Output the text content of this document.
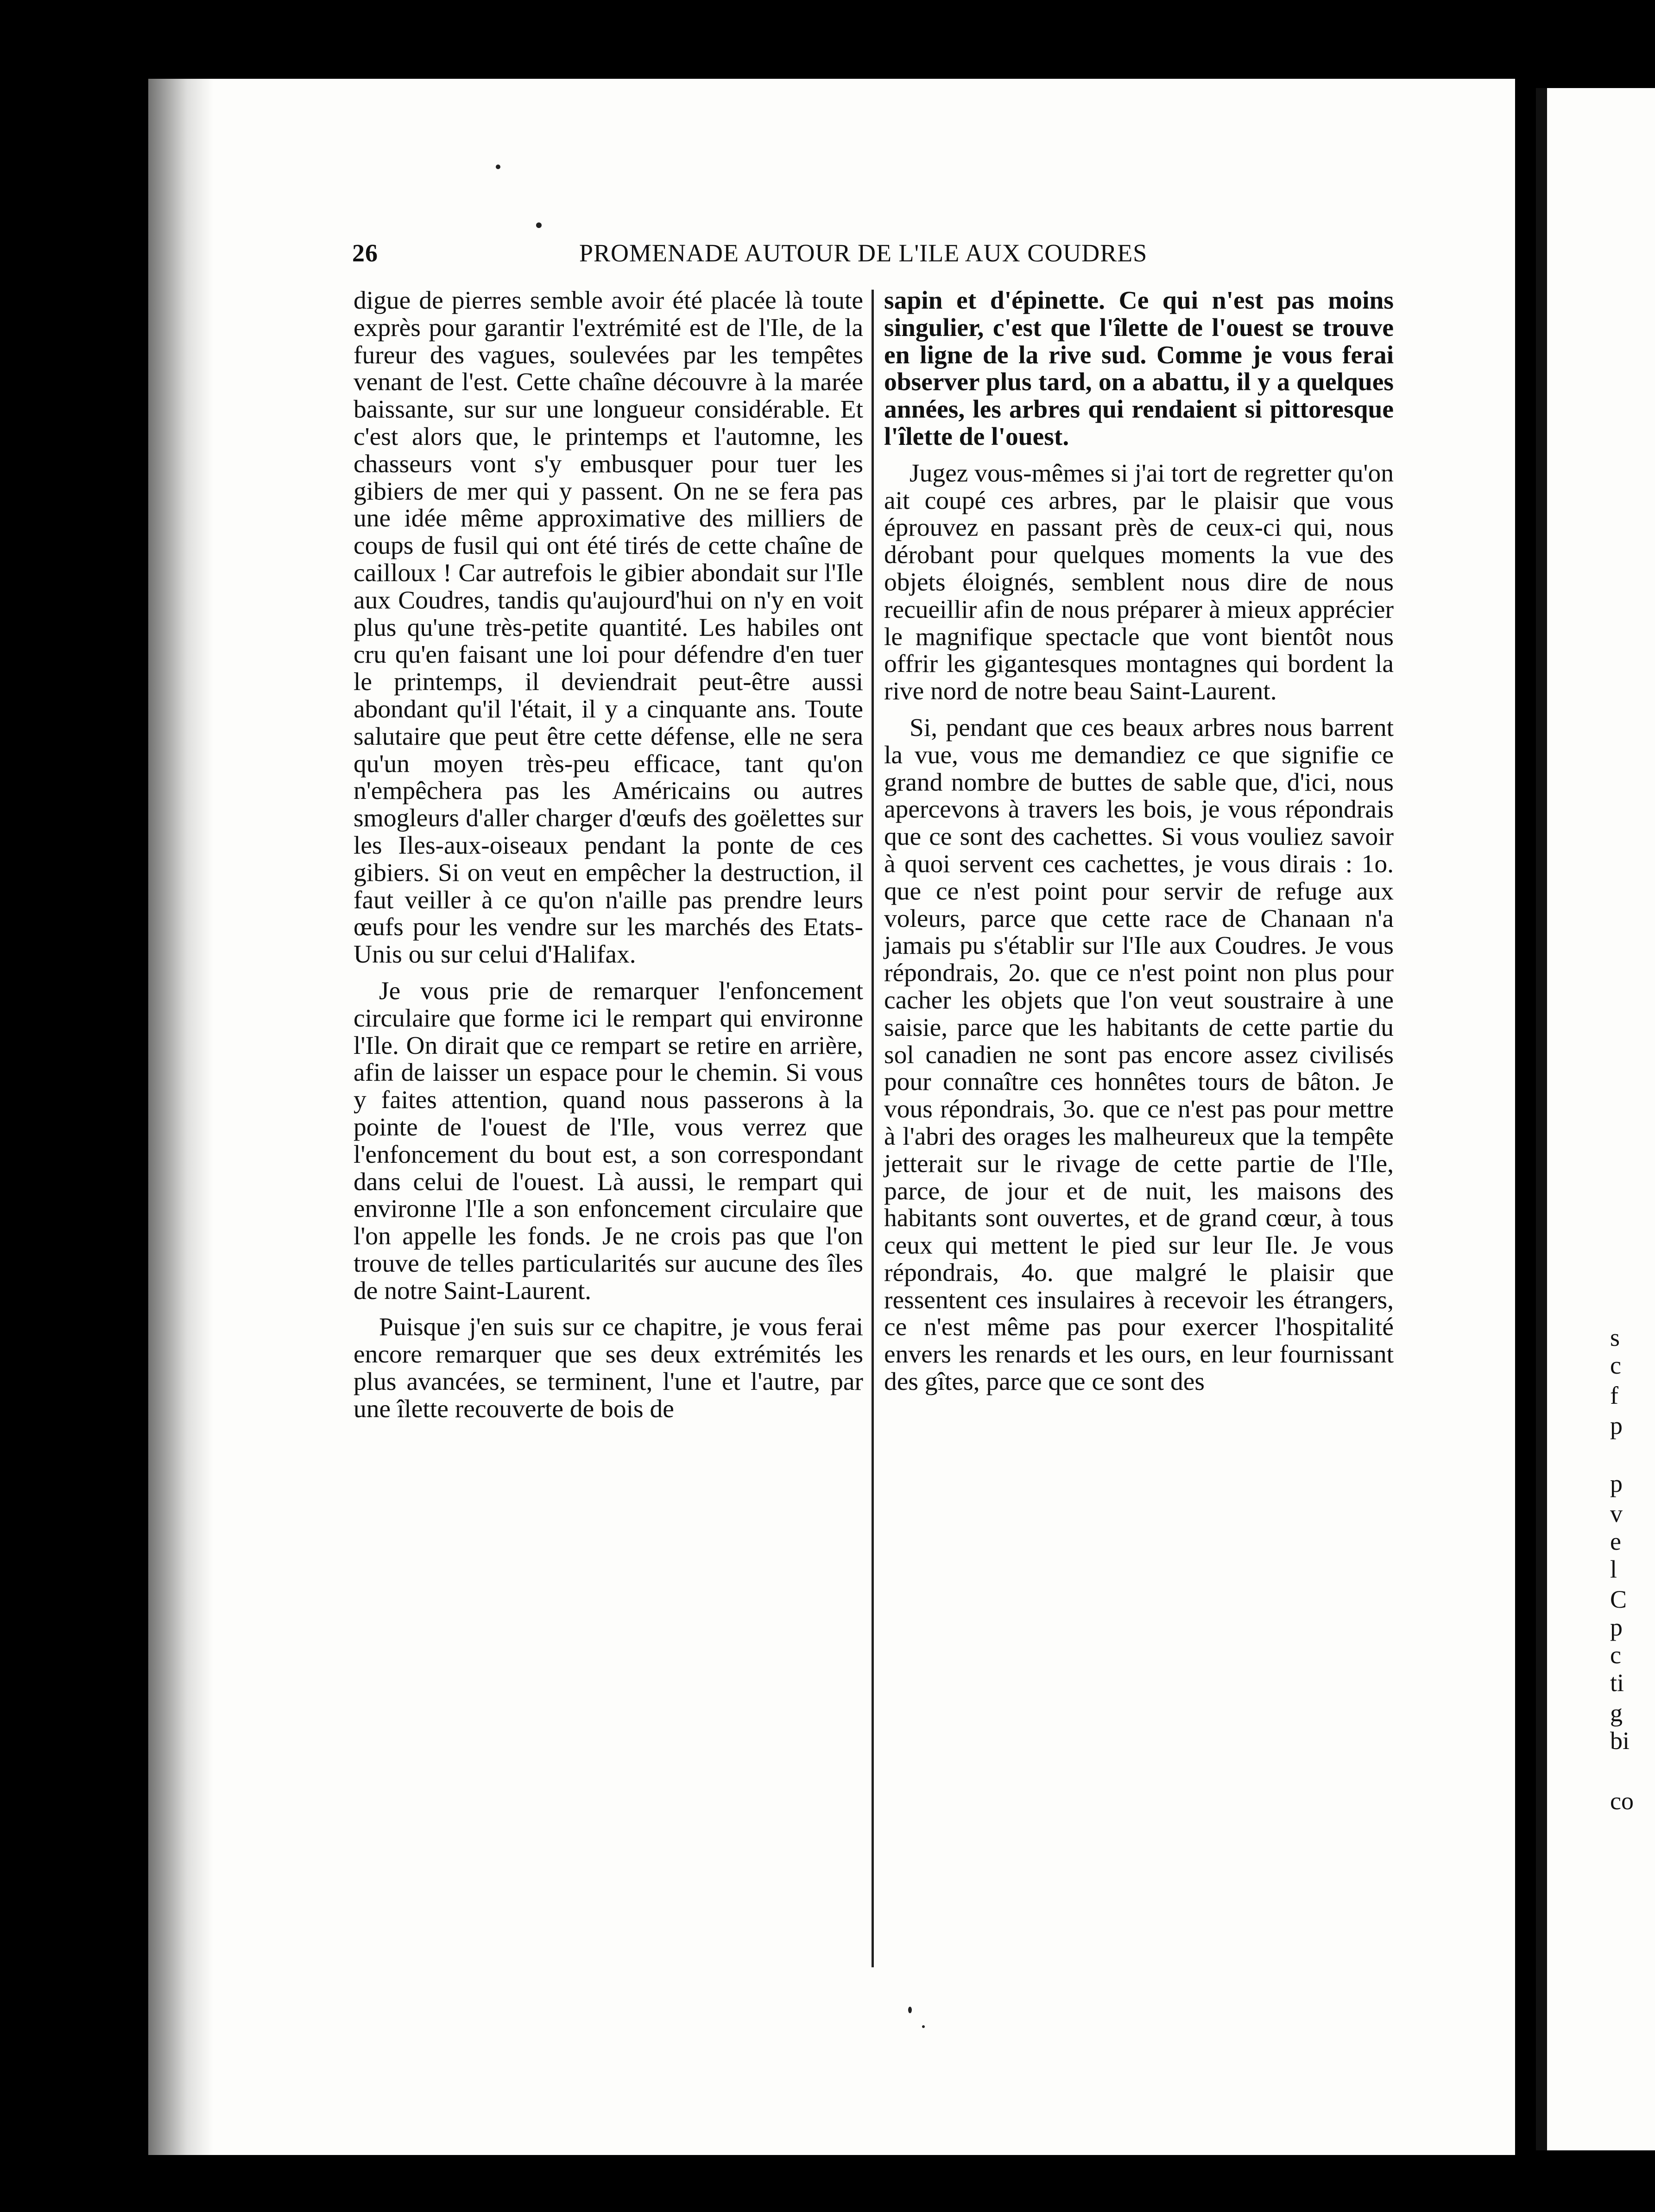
26	PROMENADE AUTOUR DE L'ILE AUX COUDRES

digue de pierres semble avoir été placée là toute exprès pour garantir l'extrémité est de l'Ile, de la fureur des vagues, soulevées par les tempêtes venant de l'est. Cette chaîne découvre à la marée baissante, sur sur une longueur considérable. Et c'est alors que, le printemps et l'automne, les chasseurs vont s'y embusquer pour tuer les gibiers de mer qui y passent. On ne se fera pas une idée même approximative des milliers de coups de fusil qui ont été tirés de cette chaîne de cailloux ! Car autrefois le gibier abondait sur l'Ile aux Coudres, tandis qu'aujourd'hui on n'y en voit plus qu'une très-petite quantité. Les habiles ont cru qu'en faisant une loi pour défendre d'en tuer le printemps, il deviendrait peut-être aussi abondant qu'il l'était, il y a cinquante ans. Toute salutaire que peut être cette défense, elle ne sera qu'un moyen très-peu efficace, tant qu'on n'empêchera pas les Américains ou autres smogleurs d'aller charger d'œufs des goëlettes sur les Iles-aux-oiseaux pendant la ponte de ces gibiers. Si on veut en empêcher la destruction, il faut veiller à ce qu'on n'aille pas prendre leurs œufs pour les vendre sur les marchés des Etats-Unis ou sur celui d'Halifax.

Je vous prie de remarquer l'enfoncement circulaire que forme ici le rempart qui environne l'Ile. On dirait que ce rempart se retire en arrière, afin de laisser un espace pour le chemin. Si vous y faites attention, quand nous passerons à la pointe de l'ouest de l'Ile, vous verrez que l'enfoncement du bout est, a son correspondant dans celui de l'ouest. Là aussi, le rempart qui environne l'Ile a son enfoncement circulaire que l'on appelle les fonds. Je ne crois pas que l'on trouve de telles particularités sur aucune des îles de notre Saint-Laurent.

Puisque j'en suis sur ce chapitre, je vous ferai encore remarquer que ses deux extrémités les plus avancées, se terminent, l'une et l'autre, par une îlette recouverte de bois de

sapin et d'épinette. Ce qui n'est pas moins singulier, c'est que l'îlette de l'ouest se trouve en ligne de la rive sud. Comme je vous ferai observer plus tard, on a abattu, il y a quelques années, les arbres qui rendaient si pittoresque l'îlette de l'ouest.

Jugez vous-mêmes si j'ai tort de regretter qu'on ait coupé ces arbres, par le plaisir que vous éprouvez en passant près de ceux-ci qui, nous dérobant pour quelques moments la vue des objets éloignés, semblent nous dire de nous recueillir afin de nous préparer à mieux apprécier le magnifique spectacle que vont bientôt nous offrir les gigantesques montagnes qui bordent la rive nord de notre beau Saint-Laurent.

Si, pendant que ces beaux arbres nous barrent la vue, vous me demandiez ce que signifie ce grand nombre de buttes de sable que, d'ici, nous apercevons à travers les bois, je vous répondrais que ce sont des cachettes. Si vous vouliez savoir à quoi servent ces cachettes, je vous dirais : 1o. que ce n'est point pour servir de refuge aux voleurs, parce que cette race de Chanaan n'a jamais pu s'établir sur l'Ile aux Coudres. Je vous répondrais, 2o. que ce n'est point non plus pour cacher les objets que l'on veut soustraire à une saisie, parce que les habitants de cette partie du sol canadien ne sont pas encore assez civilisés pour connaître ces honnêtes tours de bâton. Je vous répondrais, 3o. que ce n'est pas pour mettre à l'abri des orages les malheureux que la tempête jetterait sur le rivage de cette partie de l'Ile, parce, de jour et de nuit, les maisons des habitants sont ouvertes, et de grand cœur, à tous ceux qui mettent le pied sur leur Ile. Je vous répondrais, 4o. que malgré le plaisir que ressentent ces insulaires à recevoir les étrangers, ce n'est même pas pour exercer l'hospitalité envers les renards et les ours, en leur fournissant des gîtes, parce que ce sont des

s
c
f
p
p
v
e
l
C
p
c
ti
g
bi
co
